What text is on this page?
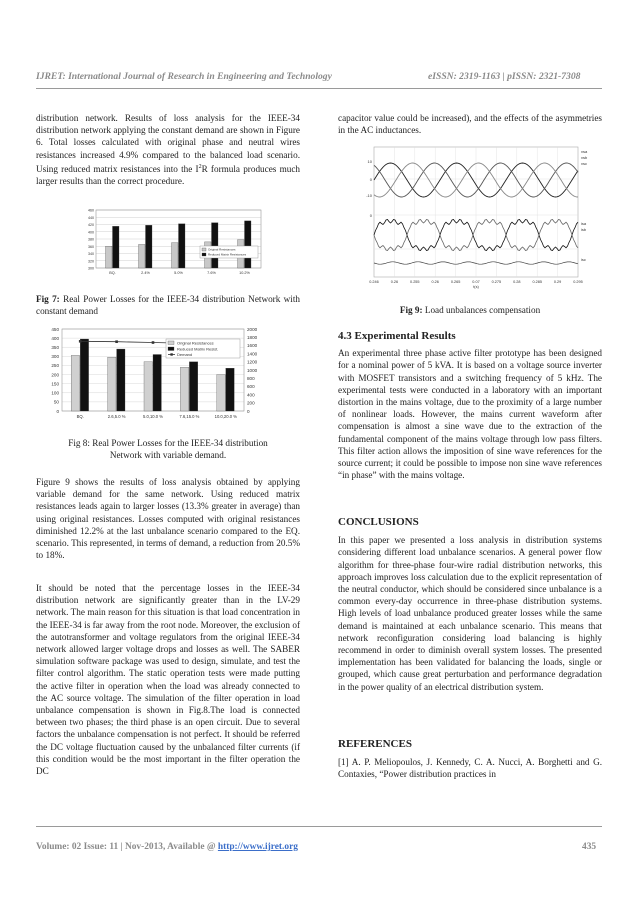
IJRET: International Journal of Research in Engineering and Technology	eISSN: 2319-1163 | pISSN: 2321-7308
distribution network. Results of loss analysis for the IEEE-34 distribution network applying the constant demand are shown in Figure 6. Total losses calculated with original phase and neutral wires resistances increased 4.9% compared to the balanced load scenario. Using reduced matrix resistances into the $I^2R$ formula produces much larger results than the correct procedure.
300
320
340
360
380
400
420
440
460
BQ.	2.4%	5.0%	7.6%	10.2%
Original Resistances
Reduced Matrix Resistances
Fig 7: Real Power Losses for the IEEE-34 distribution Network with constant demand
0
50
100
150
200
250
300
350
400
450
0
200
400
600
800
1000
1200
1400
1600
1800
2000
BQ.	2.6,5.0 %	5.0,10.0 %	7.6,15.0 %	10.0,20.0 %
Original Resistances
Reduced Matrix Resist.
Demand
Fig 8: Real Power Losses for the IEEE-34 distribution Network with variable demand.
Figure 9 shows the results of loss analysis obtained by applying variable demand for the same network. Using reduced matrix resistances leads again to larger losses (13.3% greater in average) than using original resistances. Losses computed with original resistances diminished 12.2% at the last unbalance scenario compared to the EQ. scenario. This represented, in terms of demand, a reduction from 20.5% to 18%.
It should be noted that the percentage losses in the IEEE-34 distribution network are significantly greater than in the LV-29 network. The main reason for this situation is that load concentration in the IEEE-34 is far away from the root node. Moreover, the exclusion of the autotransformer and voltage regulators from the original IEEE-34 network allowed larger voltage drops and losses as well. The SABER simulation software package was used to design, simulate, and test the filter control algorithm. The static operation tests were made putting the active filter in operation when the load was already connected to the AC source voltage. The simulation of the filter operation in load unbalance compensation is shown in Fig.8.The load is connected between two phases; the third phase is an open circuit. Due to several factors the unbalance compensation is not perfect. It should be referred the DC voltage fluctuation caused by the unbalanced filter currents (if this condition would be the most important in the filter operation the DC
capacitor value could be increased), and the effects of the asymmetries in the AC inductances.
vsa
vsb
vsc
isa
isb
isc
10
0
-10
0
0.246	0.26	0.255	0.26	0.265	0.07	0.275	0.28	0.285	0.29	0.295
t(s)
Fig 9: Load unbalances compensation

4.3 Experimental Results

An experimental three phase active filter prototype has been designed for a nominal power of 5 kVA. It is based on a voltage source inverter with MOSFET transistors and a switching frequency of 5 kHz. The experimental tests were conducted in a laboratory with an important distortion in the mains voltage, due to the proximity of a large number of nonlinear loads. However, the mains current waveform after compensation is almost a sine wave due to the extraction of the fundamental component of the mains voltage through low pass filters. This filter action allows the imposition of sine wave references for the source current; it could be possible to impose non sine wave references “in phase” with the mains voltage.

CONCLUSIONS

In this paper we presented a loss analysis in distribution systems considering different load unbalance scenarios. A general power flow algorithm for three-phase four-wire radial distribution networks, this approach improves loss calculation due to the explicit representation of the neutral conductor, which should be considered since unbalance is a common every-day occurrence in three-phase distribution systems. High levels of load unbalance produced greater losses while the same demand is maintained at each unbalance scenario. This means that network reconfiguration considering load balancing is highly recommend in order to diminish overall system losses. The presented implementation has been validated for balancing the loads, single or grouped, which cause great perturbation and performance degradation in the power quality of an electrical distribution system.

REFERENCES

[1] A. P. Meliopoulos, J. Kennedy, C. A. Nucci, A. Borghetti and G. Contaxies, “Power distribution practices in
Volume: 02 Issue: 11 | Nov-2013, Available @ http://www.ijret.org	435
